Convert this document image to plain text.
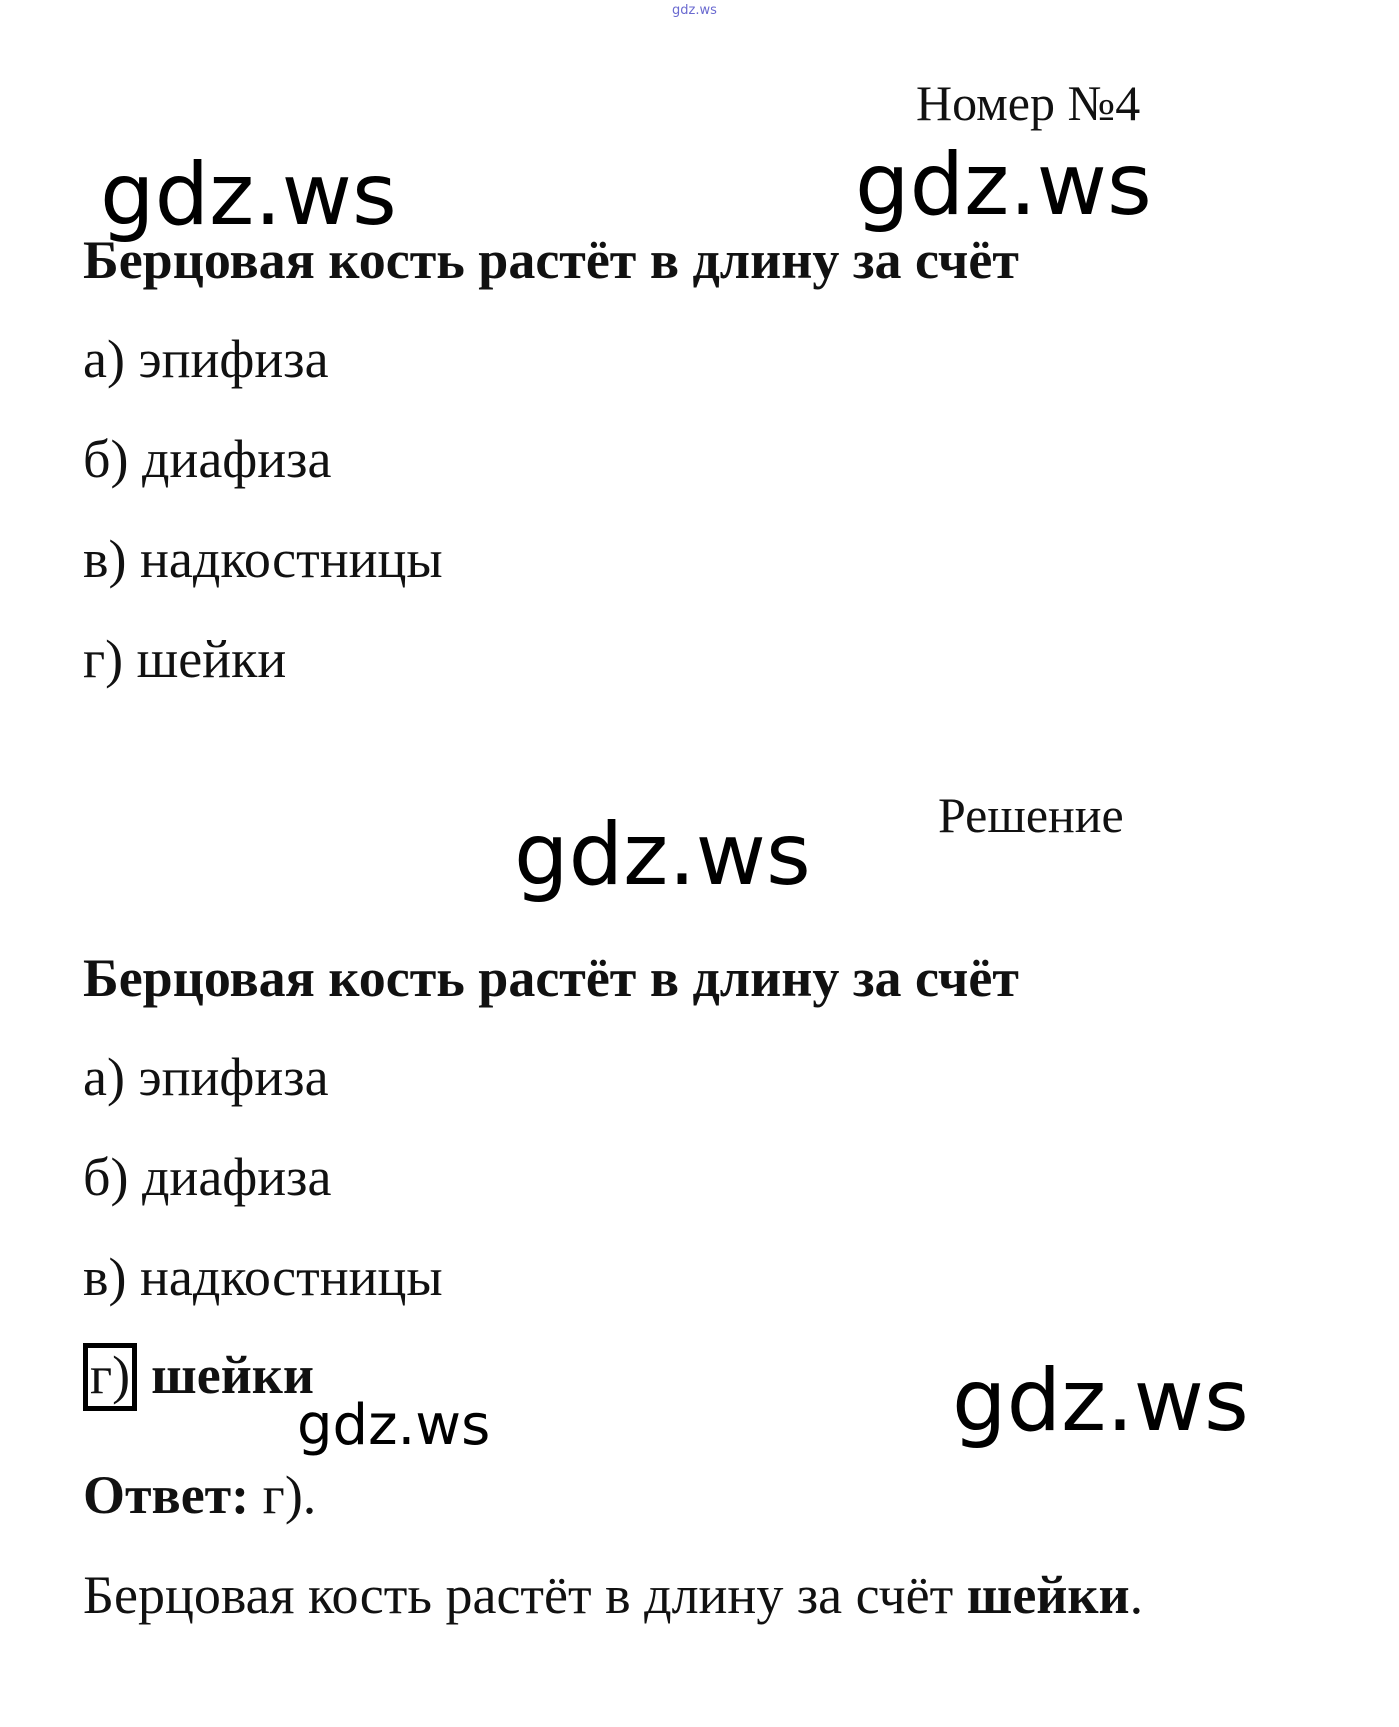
gdz.ws
gdz.ws	gdz.ws
gdz.ws
gdz.ws	gdz.ws
Номер №4
Берцовая кость растёт в длину за счёт
а) эпифиза
б) диафиза
в) надкостницы
г) шейки
Решение
Берцовая кость растёт в длину за счёт
а) эпифиза
б) диафиза
в) надкостницы
г) шейки
Ответ: г).
Берцовая кость растёт в длину за счёт шейки.
